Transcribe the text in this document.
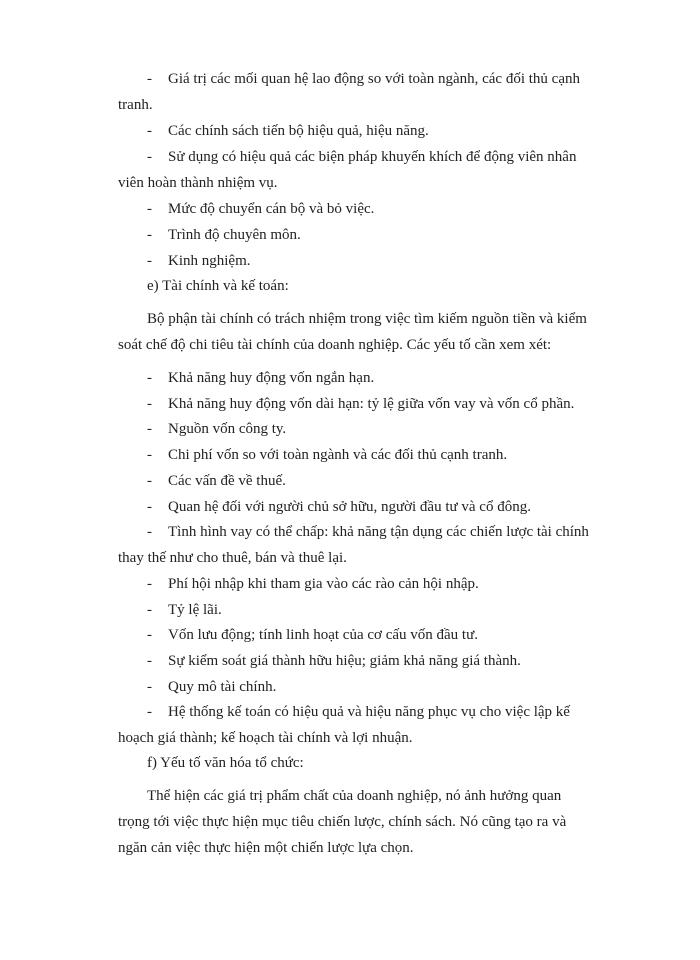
- Giá trị các mối quan hệ lao động so với toàn ngành, các đối thủ cạnh
tranh.
- Các chính sách tiến bộ hiệu quả, hiệu năng.
- Sử dụng có hiệu quả các biện pháp khuyến khích để động viên nhân
viên hoàn thành nhiệm vụ.
- Mức độ chuyển cán bộ và bỏ việc.
- Trình độ chuyên môn.
- Kinh nghiệm.
e) Tài chính và kế toán:
Bộ phận tài chính có trách nhiệm trong việc tìm kiếm nguồn tiền và kiểm
soát chế độ chi tiêu tài chính của doanh nghiệp. Các yếu tố cần xem xét:
- Khả năng huy động vốn ngắn hạn.
- Khả năng huy động vốn dài hạn: tỷ lệ giữa vốn vay và vốn cổ phần.
- Nguồn vốn công ty.
- Chi phí vốn so với toàn ngành và các đối thủ cạnh tranh.
- Các vấn đề về thuế.
- Quan hệ đối với người chủ sở hữu, người đầu tư và cổ đông.
- Tình hình vay có thể chấp: khả năng tận dụng các chiến lược tài chính
thay thế như cho thuê, bán và thuê lại.
- Phí hội nhập khi tham gia vào các rào cản hội nhập.
- Tỷ lệ lãi.
- Vốn lưu động; tính linh hoạt của cơ cấu vốn đầu tư.
- Sự kiểm soát giá thành hữu hiệu; giảm khả năng giá thành.
- Quy mô tài chính.
- Hệ thống kế toán có hiệu quả và hiệu năng phục vụ cho việc lập kế
hoạch giá thành; kế hoạch tài chính và lợi nhuận.
f) Yếu tố văn hóa tổ chức:
Thể hiện các giá trị phẩm chất của doanh nghiệp, nó ảnh hưởng quan
trọng tới việc thực hiện mục tiêu chiến lược, chính sách. Nó cũng tạo ra và
ngăn cản việc thực hiện một chiến lược lựa chọn.
